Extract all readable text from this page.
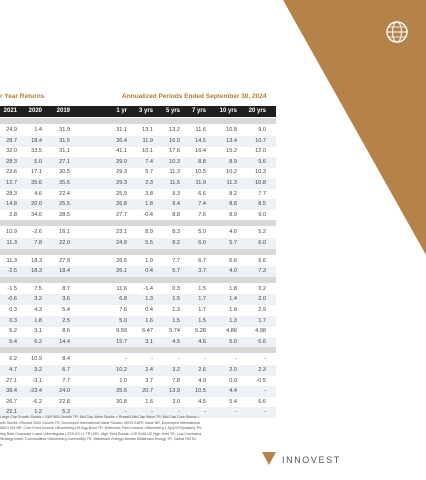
r Year Returns	Annualized Periods Ended September 30, 2024
2021	2020	2019	1 yr	3 yrs	5 yrs	7 yrs	10 yrs	20 yrs
24.9	1.4	31.9	31.1	13.1	13.2	11.6	10.8	9.0
28.7	18.4	31.5	36.4	11.9	16.0	14.5	13.4	10.7
32.0	33.5	31.1	41.1	10.1	17.6	16.4	15.2	12.0
28.3	5.0	27.1	29.0	7.4	10.3	8.8	8.9	9.6
22.6	17.1	30.5	29.3	5.7	11.3	10.5	10.2	10.3
12.7	35.6	35.5	29.3	2.3	11.5	11.9	11.3	10.8
28.3	4.6	22.4	25.9	3.8	9.3	6.6	8.2	7.7
14.8	20.0	25.5	26.8	1.8	9.4	7.4	8.8	8.5
2.8	34.6	28.5	27.7	-0.4	8.8	7.6	8.9	9.0
10.9	-2.6	16.1	23.1	8.9	8.3	5.0	4.6	5.2
11.3	7.8	22.0	24.8	5.5	8.2	6.0	5.7	6.0
11.3	18.3	27.9	26.5	1.9	7.7	6.7	6.6	6.6
-2.5	18.3	18.4	26.1	0.4	5.7	3.7	4.0	7.3
-1.5	7.5	8.7	11.6	-1.4	0.3	1.5	1.8	3.2
-0.6	3.2	3.6	6.8	1.3	1.5	1.7	1.4	2.0
0.3	4.3	5.4	7.6	0.4	1.3	1.7	1.8	2.9
0.3	1.8	2.5	5.0	1.6	1.5	1.5	1.3	1.7
5.2	3.1	8.6	9.59	6.47	5.74	5.28	4.86	4.98
5.4	6.2	14.4	15.7	3.1	4.5	4.6	5.0	6.6
6.2	10.9	8.4	-	-	-	-	-	-
4.7	3.2	6.7	10.2	2.4	3.2	2.6	2.0	2.3
27.1	-3.1	7.7	1.0	3.7	7.8	4.9	0.0	-0.5
38.4	-23.4	24.0	35.6	20.7	13.9	10.5	4.4	-
26.7	-6.2	22.8	30.8	1.6	3.0	4.5	5.4	6.6
22.1	1.2	5.3	-	-	-	-	-	-
Large Cap Growth Stocks = S&P 500 Growth TR, Mid Cap Value Stocks = Russell Mid Cap Value TR, Mid Cap Core Stocks =
wth Stocks =Russell 2000 Growth TR, Developed International Value Stocks= MSCI EAFE Value NR, Developed International
MSCI EM NR, Core Fixed Income =Bloomberg US Agg Bond TR, Defensive Fixed Income =Bloomberg 1-5yr(GOV)reasury TR,
ting Rate Corporate Loans =Morningstar LSTA US LL TR USD, High Yield Bonds= ICE BofA US High Yield TR, Low Correlated
Strategy Index, Commodities =Bloomberg Commodity TR, Midstream Energy=Alerian Midstream Energy TR, Global REITs=
d
INNOVEST
